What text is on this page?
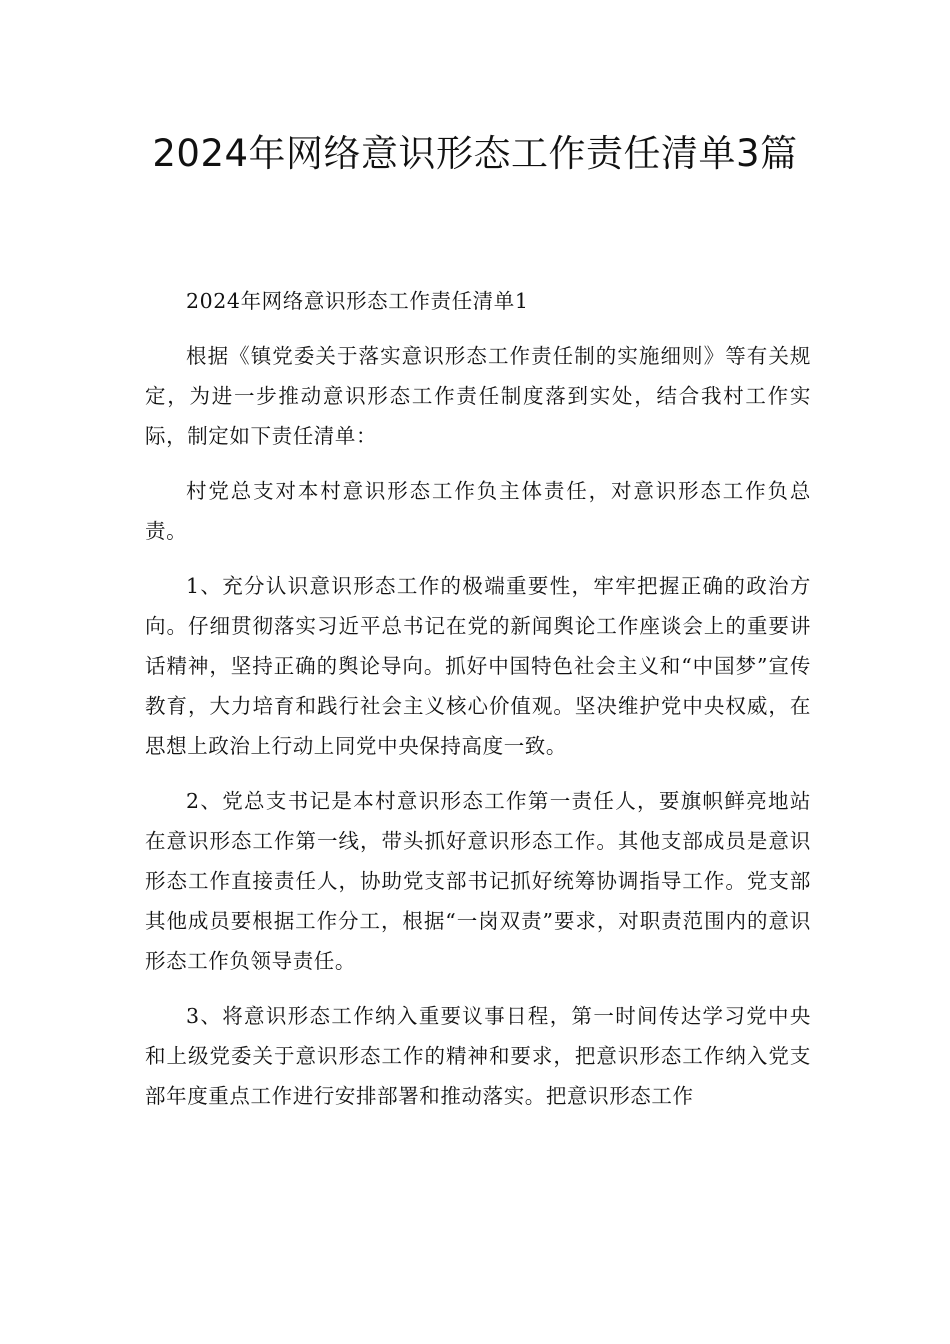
2024年网络意识形态工作责任清单3篇

2024年网络意识形态工作责任清单1

根据《镇党委关于落实意识形态工作责任制的实施细则》等有关规定，为进一步推动意识形态工作责任制度落到实处，结合我村工作实际，制定如下责任清单：

村党总支对本村意识形态工作负主体责任，对意识形态工作负总责。

1、充分认识意识形态工作的极端重要性，牢牢把握正确的政治方向。仔细贯彻落实习近平总书记在党的新闻舆论工作座谈会上的重要讲话精神，坚持正确的舆论导向。抓好中国特色社会主义和“中国梦”宣传教育，大力培育和践行社会主义核心价值观。坚决维护党中央权威，在思想上政治上行动上同党中央保持高度一致。

2、党总支书记是本村意识形态工作第一责任人，要旗帜鲜亮地站在意识形态工作第一线，带头抓好意识形态工作。其他支部成员是意识形态工作直接责任人，协助党支部书记抓好统筹协调指导工作。党支部其他成员要根据工作分工，根据“一岗双责”要求，对职责范围内的意识形态工作负领导责任。

3、将意识形态工作纳入重要议事日程，第一时间传达学习党中央和上级党委关于意识形态工作的精神和要求，把意识形态工作纳入党支部年度重点工作进行安排部署和推动落实。把意识形态工作
